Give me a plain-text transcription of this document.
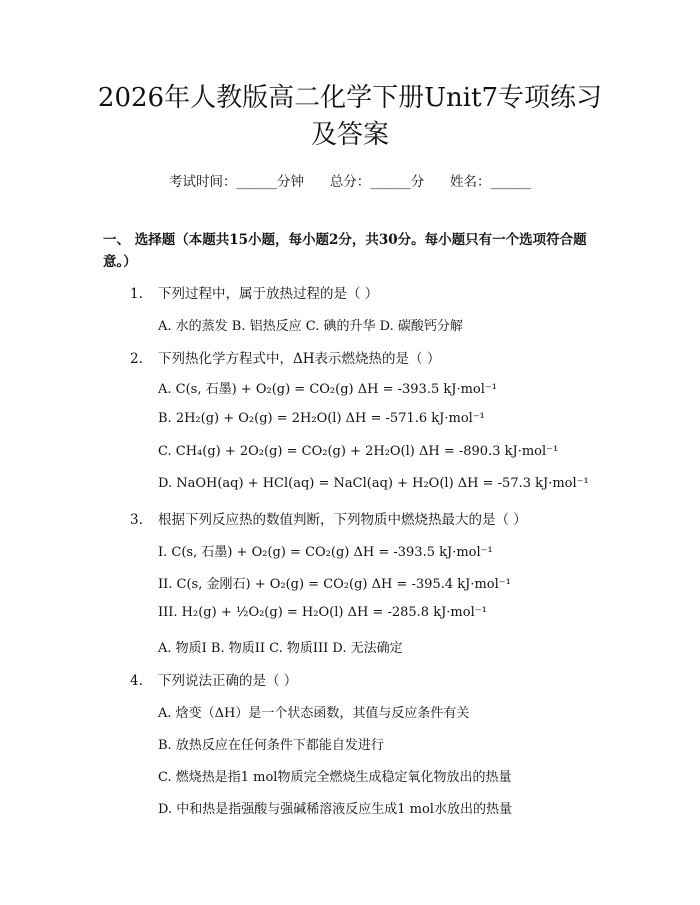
2026年人教版高二化学下册Unit7专项练习
及答案
考试时间：______分钟 总分：______分 姓名：______
一、 选择题（本题共15小题，每小题2分，共30分。每小题只有一个选项符合题意。）
1. 下列过程中，属于放热过程的是（ ）
A. 水的蒸发 B. 铝热反应 C. 碘的升华 D. 碳酸钙分解
2. 下列热化学方程式中，ΔH表示燃烧热的是（ ）
A. C(s, 石墨) + O₂(g) = CO₂(g) ΔH = -393.5 kJ·mol⁻¹
B. 2H₂(g) + O₂(g) = 2H₂O(l) ΔH = -571.6 kJ·mol⁻¹
C. CH₄(g) + 2O₂(g) = CO₂(g) + 2H₂O(l) ΔH = -890.3 kJ·mol⁻¹
D. NaOH(aq) + HCl(aq) = NaCl(aq) + H₂O(l) ΔH = -57.3 kJ·mol⁻¹
3. 根据下列反应热的数值判断，下列物质中燃烧热最大的是（ ）
I. C(s, 石墨) + O₂(g) = CO₂(g) ΔH = -393.5 kJ·mol⁻¹
II. C(s, 金刚石) + O₂(g) = CO₂(g) ΔH = -395.4 kJ·mol⁻¹
III. H₂(g) + ½O₂(g) = H₂O(l) ΔH = -285.8 kJ·mol⁻¹
A. 物质I B. 物质II C. 物质III D. 无法确定
4. 下列说法正确的是（ ）
A. 焓变（ΔH）是一个状态函数，其值与反应条件有关
B. 放热反应在任何条件下都能自发进行
C. 燃烧热是指1 mol物质完全燃烧生成稳定氧化物放出的热量
D. 中和热是指强酸与强碱稀溶液反应生成1 mol水放出的热量
